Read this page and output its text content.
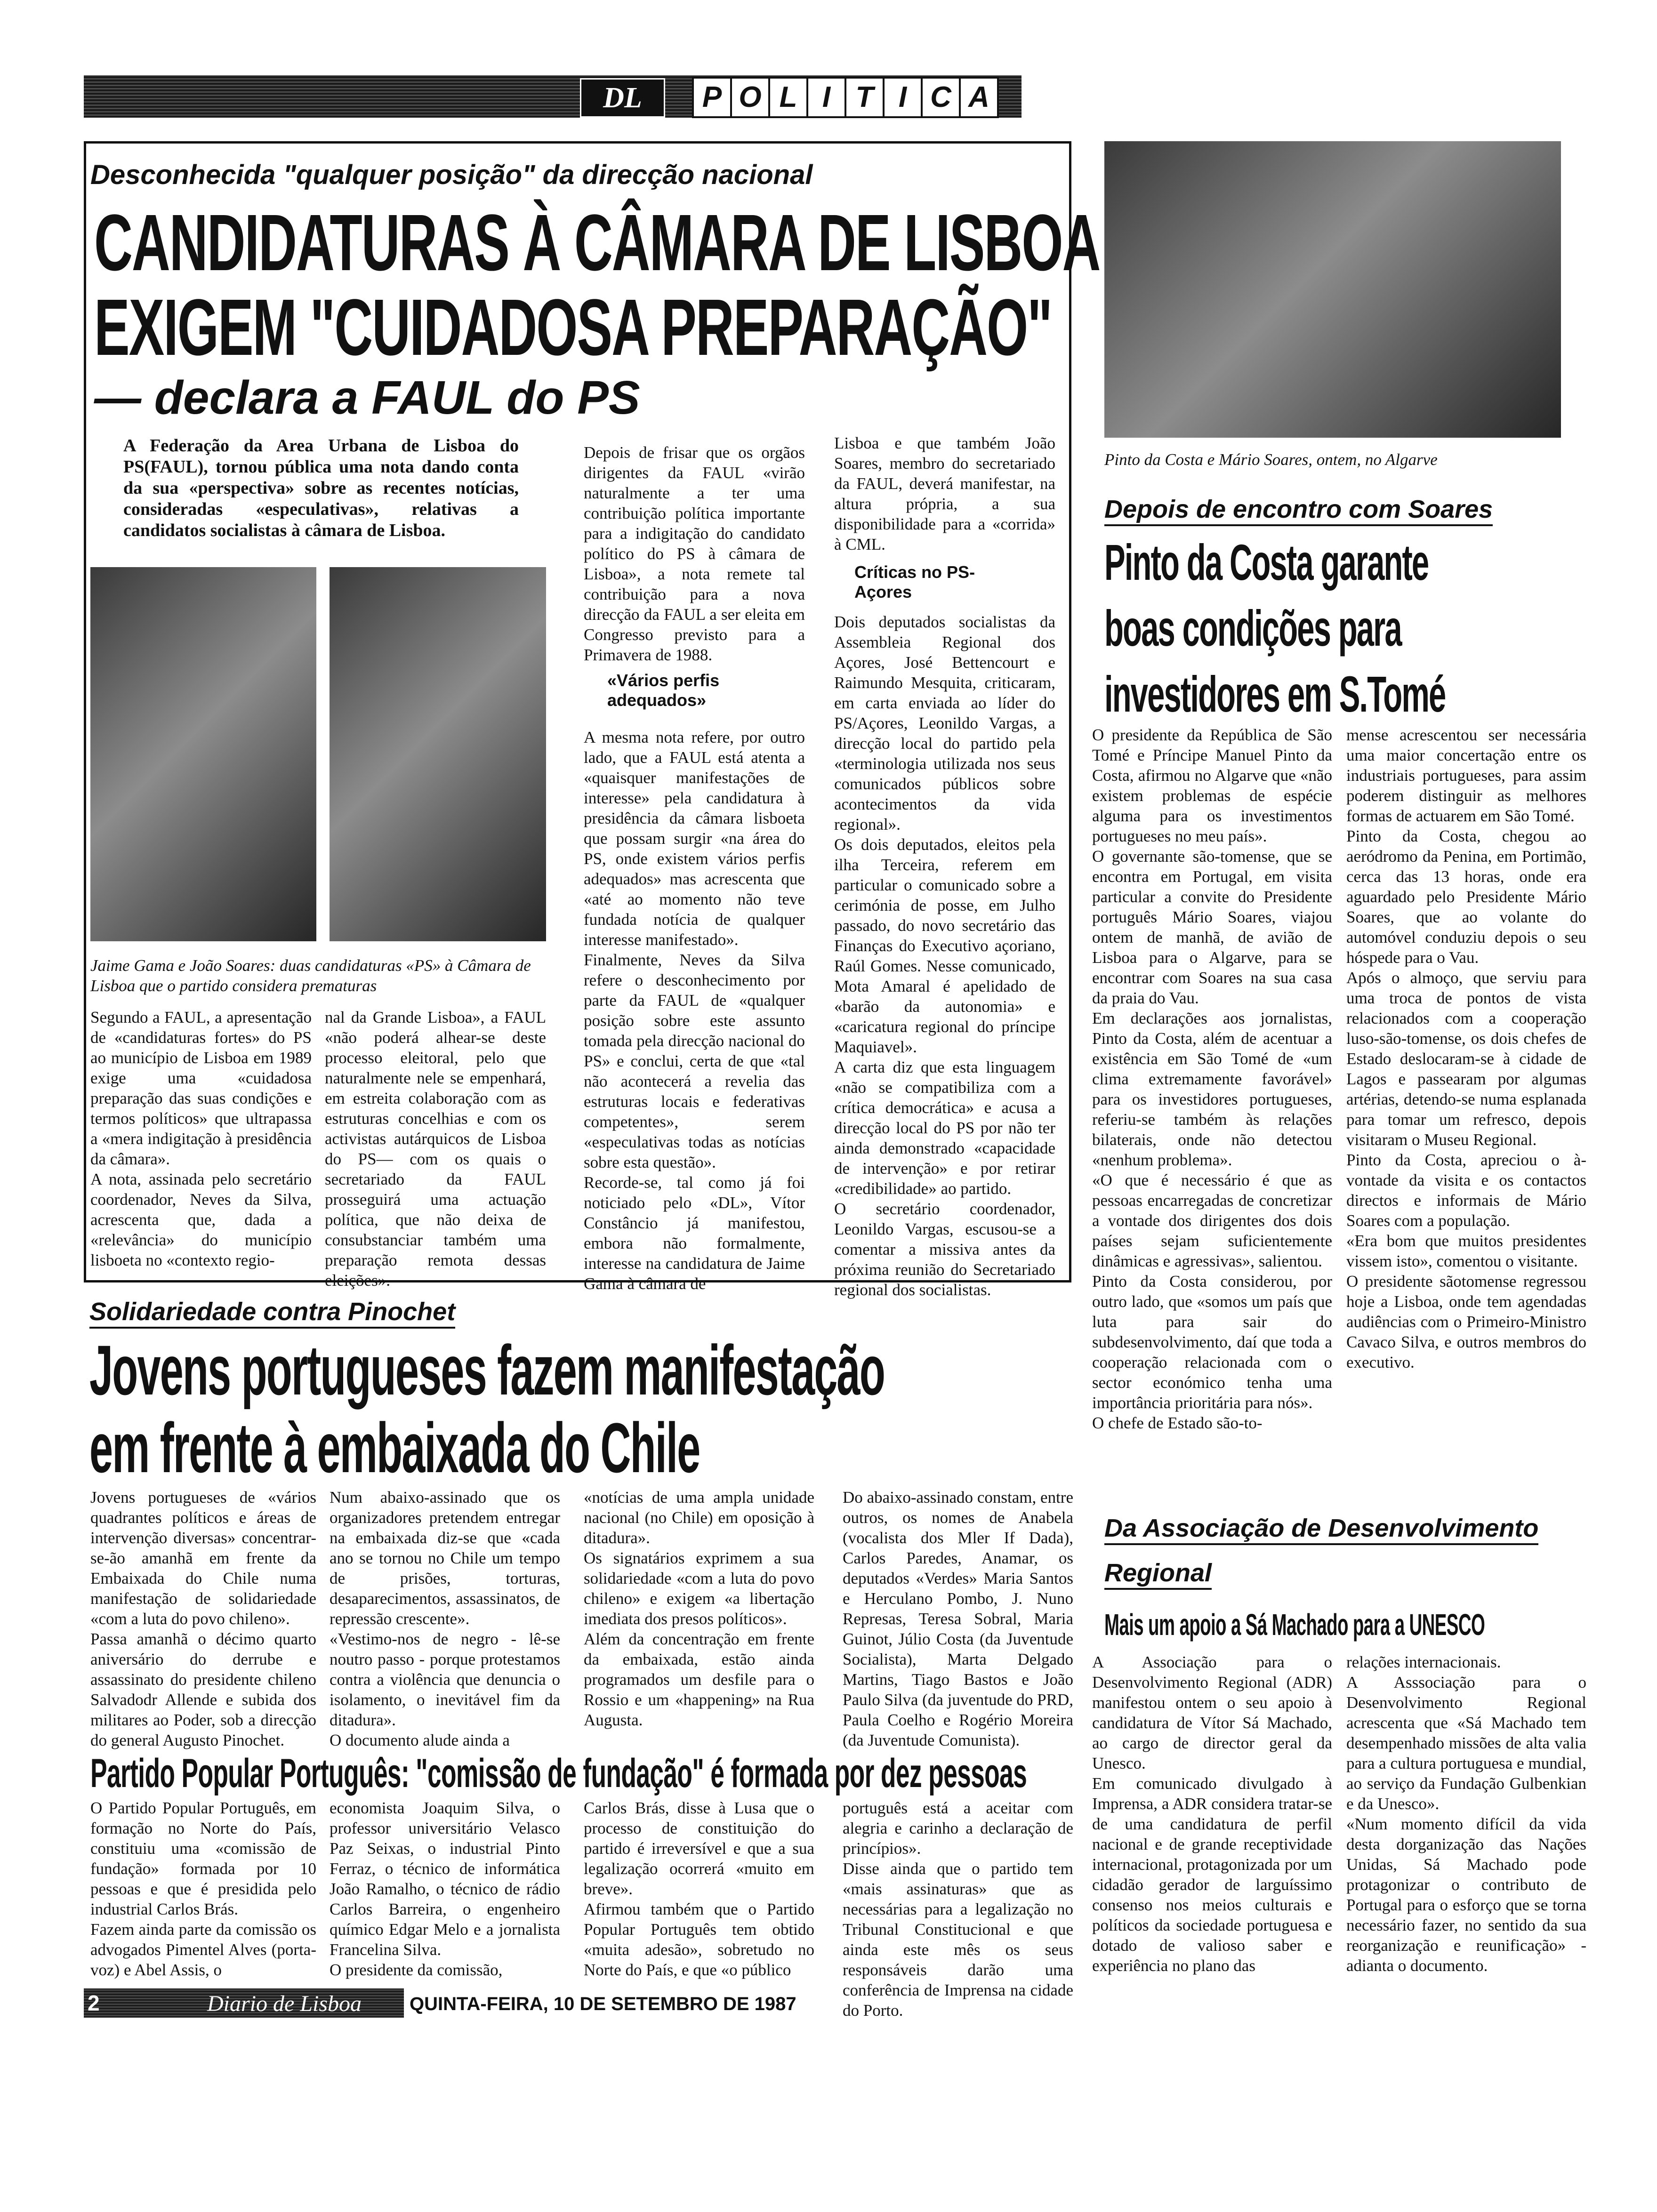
DL	P O L I T I C A
Desconhecida "qualquer posição" da direcção nacional
CANDIDATURAS À CÂMARA DE LISBOA
EXIGEM "CUIDADOSA PREPARAÇÃO"
— declara a FAUL do PS
A Federação da Area Urbana de Lisboa do PS(FAUL), tornou pública uma nota dando conta da sua «perspectiva» sobre as recentes notícias, consideradas «especulativas», relativas a candidatos socialistas à câmara de Lisboa.
Jaime Gama e João Soares: duas candidaturas «PS» à Câmara de Lisboa que o partido considera prematuras
Segundo a FAUL, a apresentação de «candidaturas fortes» do PS ao município de Lisboa em 1989 exige uma «cuidadosa preparação das suas condições e termos políticos» que ultrapassa a «mera indigitação à presidência da câmara».
A nota, assinada pelo secretário coordenador, Neves da Silva, acrescenta que, dada a «relevância» do município lisboeta no «contexto regio-
nal da Grande Lisboa», a FAUL «não poderá alhear-se deste processo eleitoral, pelo que naturalmente nele se empenhará, em estreita colaboração com as estruturas concelhias e com os activistas autárquicos de Lisboa do PS— com os quais o secretariado da FAUL prosseguirá uma actuação política, que não deixa de consubstanciar também uma preparação remota dessas eleições».
Depois de frisar que os orgãos dirigentes da FAUL «virão naturalmente a ter uma contribuição política importante para a indigitação do candidato político do PS à câmara de Lisboa», a nota remete tal contribuição para a nova direcção da FAUL a ser eleita em Congresso previsto para a Primavera de 1988.
«Vários perfis adequados»
A mesma nota refere, por outro lado, que a FAUL está atenta a «quaisquer manifestações de interesse» pela candidatura à presidência da câmara lisboeta que possam surgir «na área do PS, onde existem vários perfis adequados» mas acrescenta que «até ao momento não teve fundada notícia de qualquer interesse manifestado».
Finalmente, Neves da Silva refere o desconhecimento por parte da FAUL de «qualquer posição sobre este assunto tomada pela direcção nacional do PS» e conclui, certa de que «tal não acontecerá a revelia das estruturas locais e federativas competentes», serem «especulativas todas as notícias sobre esta questão».
Recorde-se, tal como já foi noticiado pelo «DL», Vítor Constâncio já manifestou, embora não formalmente, interesse na candidatura de Jaime Gama à câmara de
Lisboa e que também João Soares, membro do secretariado da FAUL, deverá manifestar, na altura própria, a sua disponibilidade para a «corrida» à CML.
Críticas no PS-Açores
Dois deputados socialistas da Assembleia Regional dos Açores, José Bettencourt e Raimundo Mesquita, criticaram, em carta enviada ao líder do PS/Açores, Leonildo Vargas, a direcção local do partido pela «terminologia utilizada nos seus comunicados públicos sobre acontecimentos da vida regional».
Os dois deputados, eleitos pela ilha Terceira, referem em particular o comunicado sobre a cerimónia de posse, em Julho passado, do novo secretário das Finanças do Executivo açoriano, Raúl Gomes. Nesse comunicado, Mota Amaral é apelidado de «barão da autonomia» e «caricatura regional do príncipe Maquiavel».
A carta diz que esta linguagem «não se compatibiliza com a crítica democrática» e acusa a direcção local do PS por não ter ainda demonstrado «capacidade de intervenção» e por retirar «credibilidade» ao partido.
O secretário coordenador, Leonildo Vargas, escusou-se a comentar a missiva antes da próxima reunião do Secretariado regional dos socialistas.
Pinto da Costa e Mário Soares, ontem, no Algarve
Depois de encontro com Soares
Pinto da Costa garante
boas condições para
investidores em S.Tomé
O presidente da República de São Tomé e Príncipe Manuel Pinto da Costa, afirmou no Algarve que «não existem problemas de espécie alguma para os investimentos portugueses no meu país».
O governante são-tomense, que se encontra em Portugal, em visita particular a convite do Presidente português Mário Soares, viajou ontem de manhã, de avião de Lisboa para o Algarve, para se encontrar com Soares na sua casa da praia do Vau.
Em declarações aos jornalistas, Pinto da Costa, além de acentuar a existência em São Tomé de «um clima extremamente favorável» para os investidores portugueses, referiu-se também às relações bilaterais, onde não detectou «nenhum problema».
«O que é necessário é que as pessoas encarregadas de concretizar a vontade dos dirigentes dos dois países sejam suficientemente dinâmicas e agressivas», salientou.
Pinto da Costa considerou, por outro lado, que «somos um país que luta para sair do subdesenvolvimento, daí que toda a cooperação relacionada com o sector económico tenha uma importância prioritária para nós».
O chefe de Estado são-to-
mense acrescentou ser necessária uma maior concertação entre os industriais portugueses, para assim poderem distinguir as melhores formas de actuarem em São Tomé.
Pinto da Costa, chegou ao aeródromo da Penina, em Portimão, cerca das 13 horas, onde era aguardado pelo Presidente Mário Soares, que ao volante do automóvel conduziu depois o seu hóspede para o Vau.
Após o almoço, que serviu para uma troca de pontos de vista relacionados com a cooperação luso-são-tomense, os dois chefes de Estado deslocaram-se à cidade de Lagos e passearam por algumas artérias, detendo-se numa esplanada para tomar um refresco, depois visitaram o Museu Regional.
Pinto da Costa, apreciou o à-vontade da visita e os contactos directos e informais de Mário Soares com a população.
«Era bom que muitos presidentes vissem isto», comentou o visitante.
O presidente sãotomense regressou hoje a Lisboa, onde tem agendadas audiências com o Primeiro-Ministro Cavaco Silva, e outros membros do executivo.
Solidariedade contra Pinochet
Jovens portugueses fazem manifestação
em frente à embaixada do Chile
Jovens portugueses de «vários quadrantes políticos e áreas de intervenção diversas» concentrar-se-ão amanhã em frente da Embaixada do Chile numa manifestação de solidariedade «com a luta do povo chileno».
Passa amanhã o décimo quarto aniversário do derrube e assassinato do presidente chileno Salvadodr Allende e subida dos militares ao Poder, sob a direcção do general Augusto Pinochet.
Num abaixo-assinado que os organizadores pretendem entregar na embaixada diz-se que «cada ano se tornou no Chile um tempo de prisões, torturas, desaparecimentos, assassinatos, de repressão crescente».
«Vestimo-nos de negro - lê-se noutro passo - porque protestamos contra a violência que denuncia o isolamento, o inevitável fim da ditadura».
O documento alude ainda a
«notícias de uma ampla unidade nacional (no Chile) em oposição à ditadura».
Os signatários exprimem a sua solidariedade «com a luta do povo chileno» e exigem «a libertação imediata dos presos políticos».
Além da concentração em frente da embaixada, estão ainda programados um desfile para o Rossio e um «happening» na Rua Augusta.
Do abaixo-assinado constam, entre outros, os nomes de Anabela (vocalista dos Mler If Dada), Carlos Paredes, Anamar, os deputados «Verdes» Maria Santos e Herculano Pombo, J. Nuno Represas, Teresa Sobral, Maria Guinot, Júlio Costa (da Juventude Socialista), Marta Delgado Martins, Tiago Bastos e João Paulo Silva (da juventude do PRD, Paula Coelho e Rogério Moreira (da Juventude Comunista).
Da Associação de Desenvolvimento
Regional
Mais um apoio a Sá Machado para a UNESCO
A Associação para o Desenvolvimento Regional (ADR) manifestou ontem o seu apoio à candidatura de Vítor Sá Machado, ao cargo de director geral da Unesco.
Em comunicado divulgado à Imprensa, a ADR considera tratar-se de uma candidatura de perfil nacional e de grande receptividade internacional, protagonizada por um cidadão gerador de larguíssimo consenso nos meios culturais e políticos da sociedade portuguesa e dotado de valioso saber e experiência no plano das
relações internacionais.
A Asssociação para o Desenvolvimento Regional acrescenta que «Sá Machado tem desempenhado missões de alta valia para a cultura portuguesa e mundial, ao serviço da Fundação Gulbenkian e da Unesco».
«Num momento difícil da vida desta dorganização das Nações Unidas, Sá Machado pode protagonizar o contributo de Portugal para o esforço que se torna necessário fazer, no sentido da sua reorganização e reunificação» - adianta o documento.
Partido Popular Português: "comissão de fundação" é formada por dez pessoas
O Partido Popular Português, em formação no Norte do País, constituiu uma «comissão de fundação» formada por 10 pessoas e que é presidida pelo industrial Carlos Brás.
Fazem ainda parte da comissão os advogados Pimentel Alves (porta-voz) e Abel Assis, o
economista Joaquim Silva, o professor universitário Velasco Paz Seixas, o industrial Pinto Ferraz, o técnico de informática João Ramalho, o técnico de rádio Carlos Barreira, o engenheiro químico Edgar Melo e a jornalista Francelina Silva.
O presidente da comissão,
Carlos Brás, disse à Lusa que o processo de constituição do partido é irreversível e que a sua legalização ocorrerá «muito em breve».
Afirmou também que o Partido Popular Português tem obtido «muita adesão», sobretudo no Norte do País, e que «o público
português está a aceitar com alegria e carinho a declaração de princípios».
Disse ainda que o partido tem «mais assinaturas» que as necessárias para a legalização no Tribunal Constitucional e que ainda este mês os seus responsáveis darão uma conferência de Imprensa na cidade do Porto.
2	Diario de Lisboa	QUINTA-FEIRA, 10 DE SETEMBRO DE 1987
